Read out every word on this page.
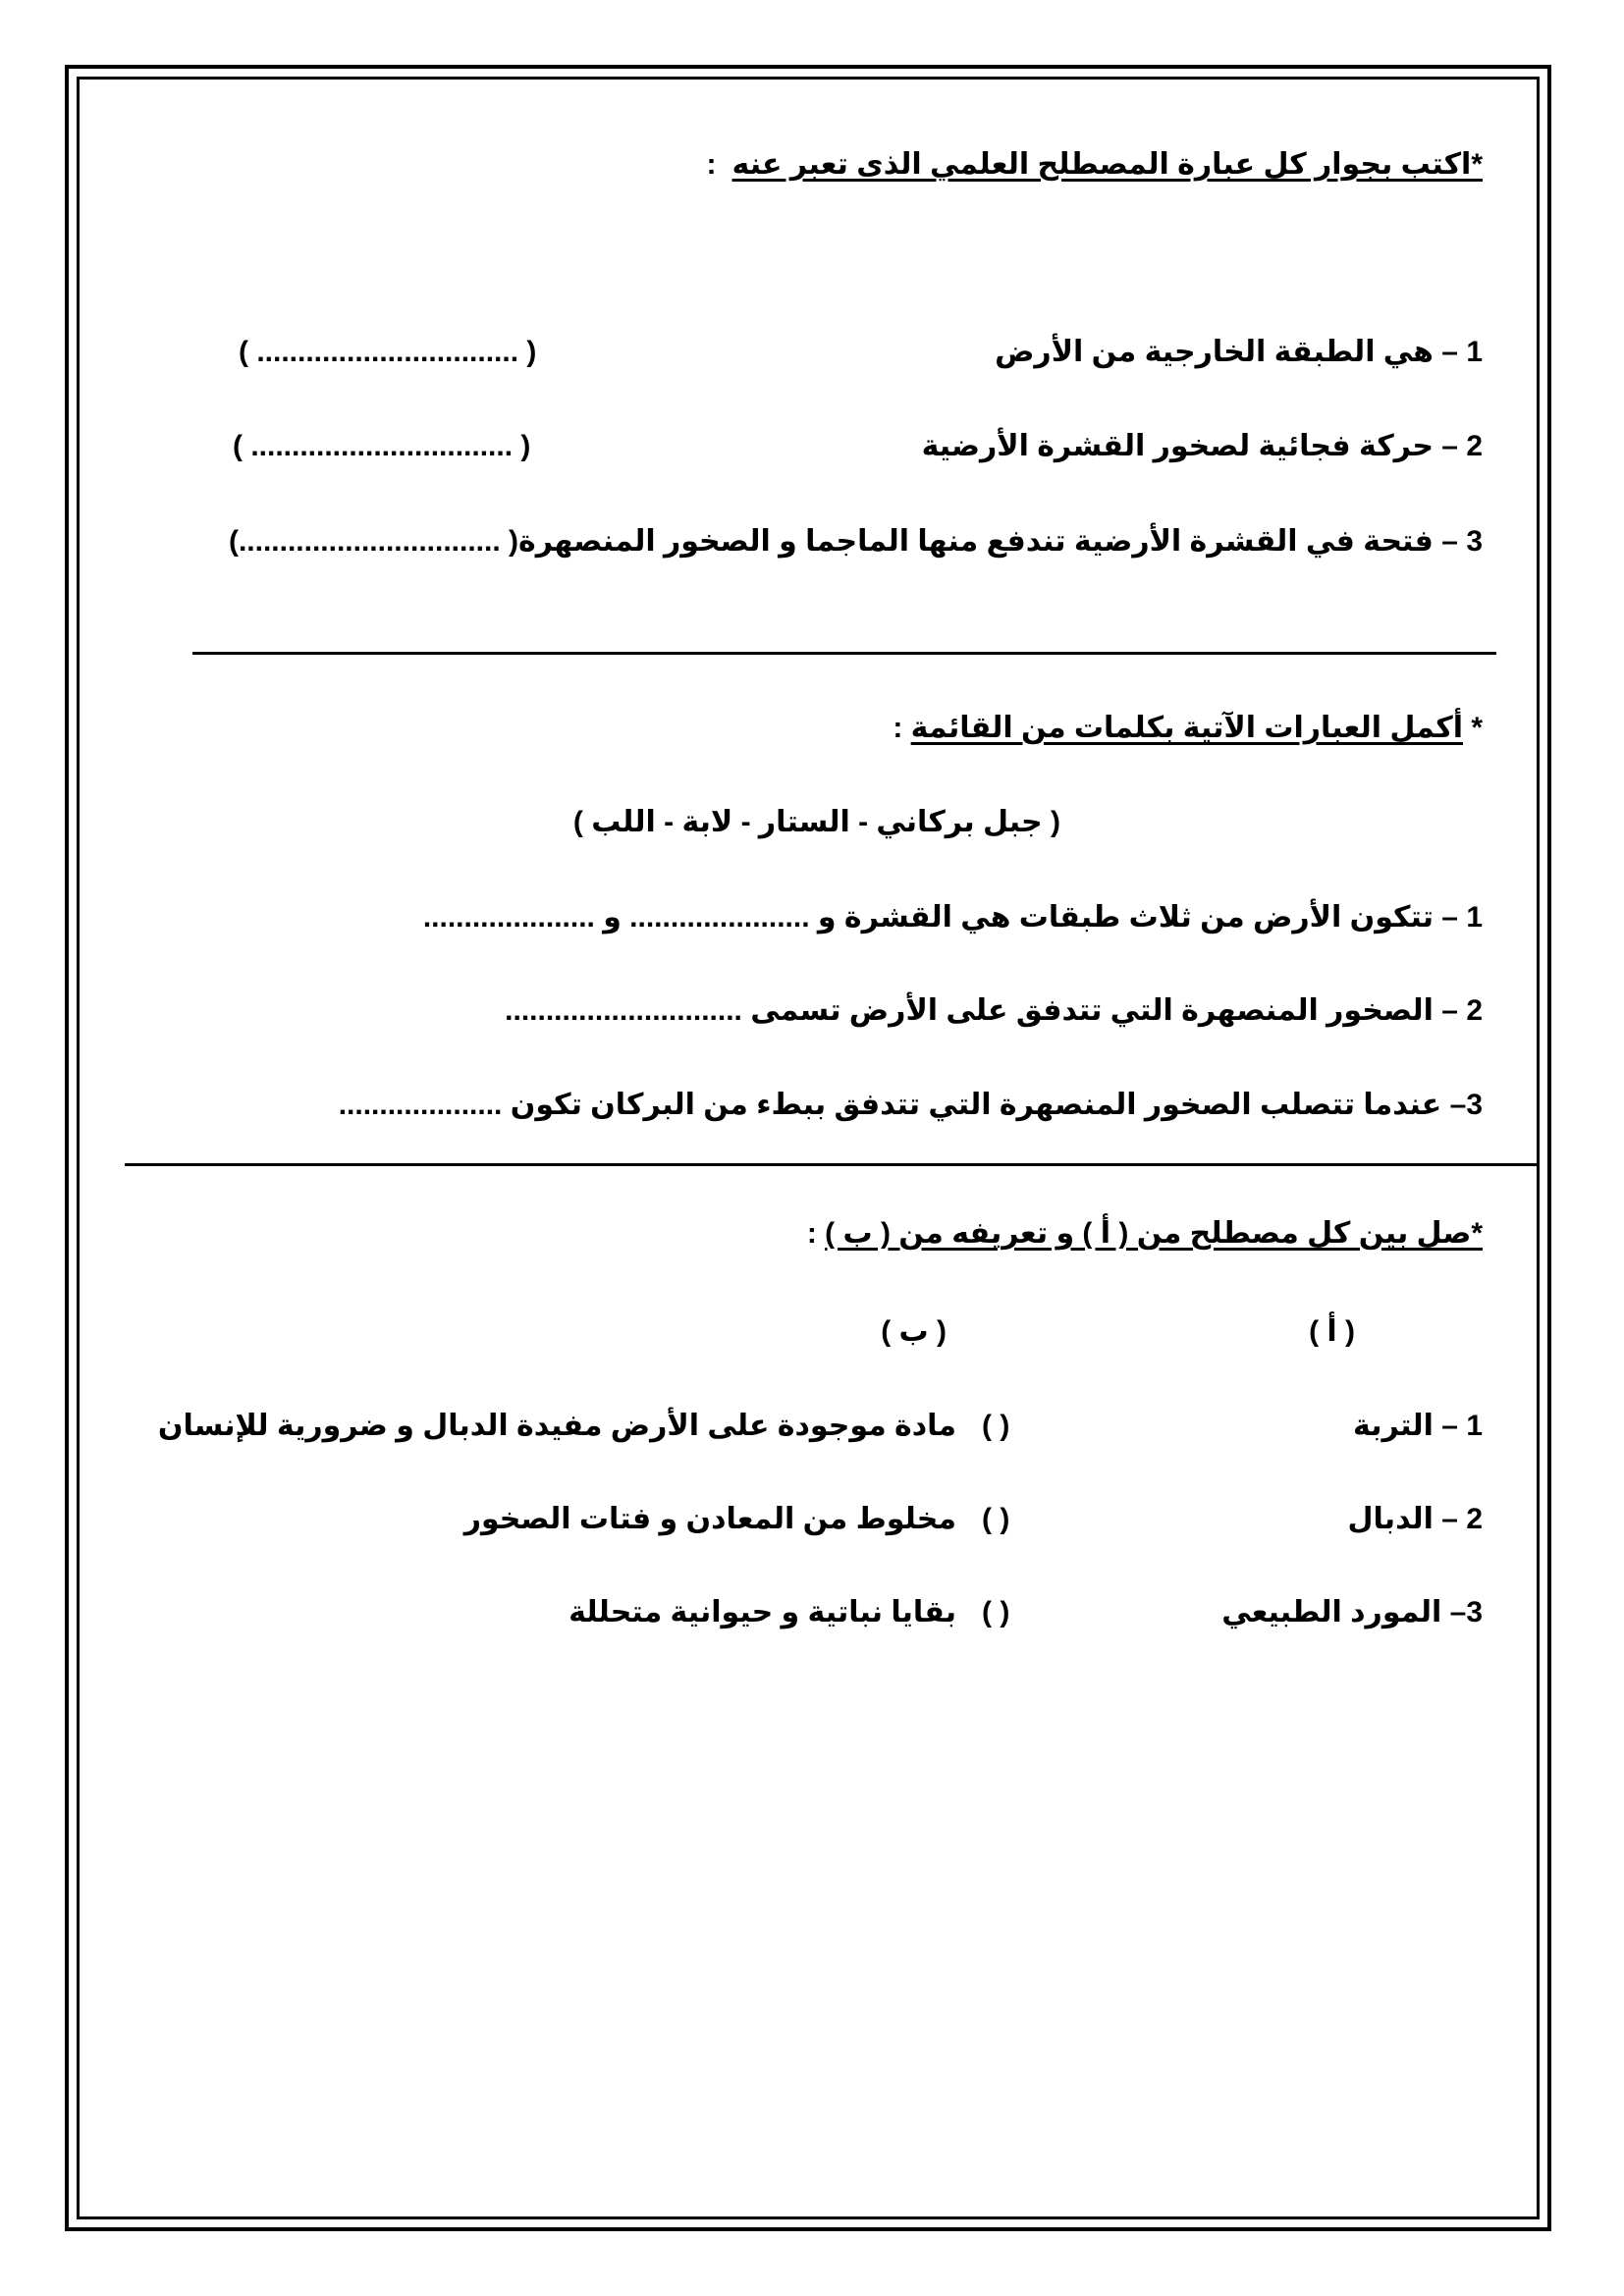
*اكتب بجوار كل عبارة المصطلح العلمي الذى تعبر عنه:
1 – هي الطبقة الخارجية من الأرض
( ................................ )
2 – حركة فجائية لصخور القشرة الأرضية
( ................................ )
3 – فتحة في القشرة الأرضية تندفع منها الماجما و الصخور المنصهرة( ................................)
* أكمل العبارات الآتية بكلمات من القائمة :
( جبل بركاني - الستار - لابة - اللب )
1 – تتكون الأرض من ثلاث طبقات هي القشرة و ...................... و .....................
2 – الصخور المنصهرة التي تتدفق على الأرض تسمى .............................
3– عندما تتصلب الصخور المنصهرة التي تتدفق ببطء من البركان تكون ....................
*صل بين كل مصطلح من ( أ ) و تعريفه من ( ب ) :
( أ )
( ب )
1 – التربة
( )
مادة موجودة على الأرض مفيدة الدبال و ضرورية للإنسان
2 – الدبال
( )
مخلوط من المعادن و فتات الصخور
3– المورد الطبيعي
( )
بقايا نباتية و حيوانية متحللة
